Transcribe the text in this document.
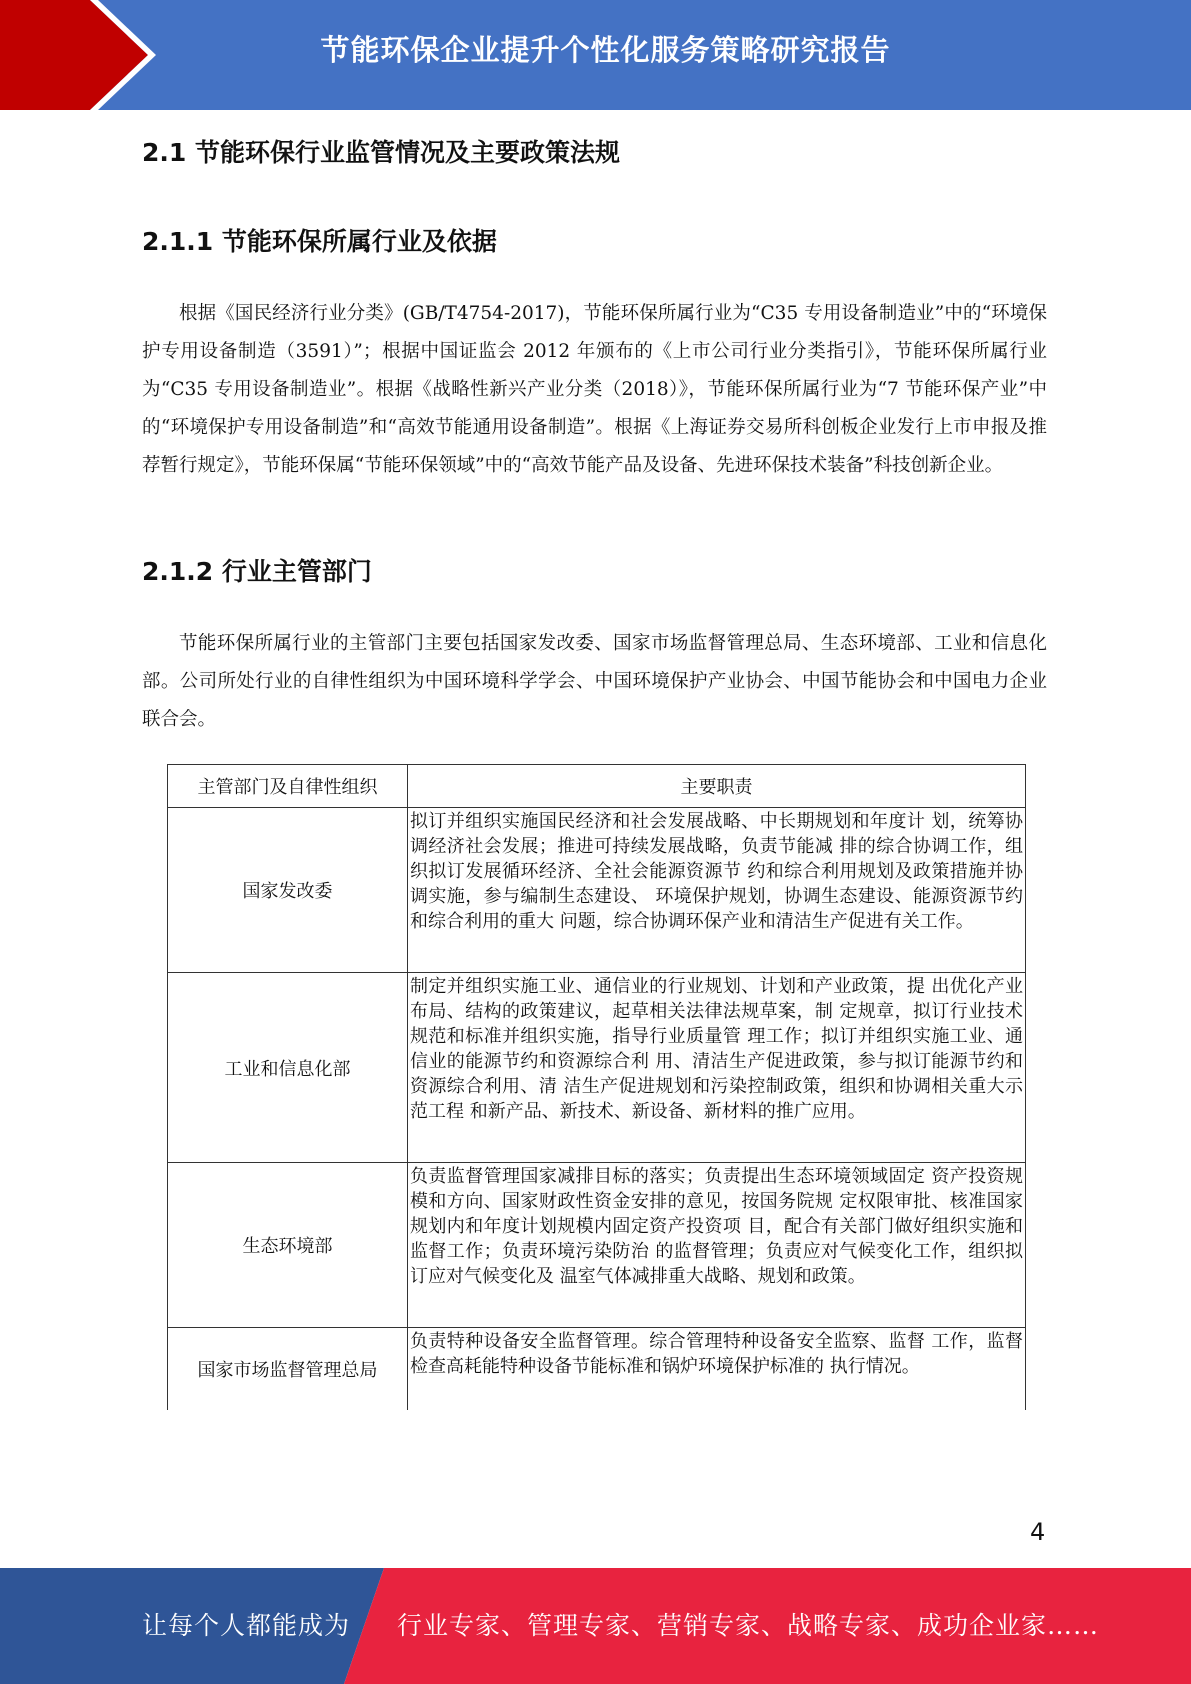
节能环保企业提升个性化服务策略研究报告
2.1 节能环保行业监管情况及主要政策法规
2.1.1 节能环保所属行业及依据

根据《国民经济行业分类》(GB/T4754-2017)，节能环保所属行业为“C35 专用设备制造业”中的“环境保护专用设备制造（3591）”；根据中国证监会 2012 年颁布的《上市公司行业分类指引》，节能环保所属行业为“C35 专用设备制造业”。根据《战略性新兴产业分类（2018）》，节能环保所属行业为“7 节能环保产业”中的“环境保护专用设备制造”和“高效节能通用设备制造”。根据《上海证券交易所科创板企业发行上市申报及推荐暂行规定》，节能环保属“节能环保领域”中的“高效节能产品及设备、先进环保技术装备”科技创新企业。

2.1.2 行业主管部门

节能环保所属行业的主管部门主要包括国家发改委、国家市场监督管理总局、生态环境部、工业和信息化部。公司所处行业的自律性组织为中国环境科学学会、中国环境保护产业协会、中国节能协会和中国电力企业联合会。

主管部门及自律性组织	主要职责
国家发改委	拟订并组织实施国民经济和社会发展战略、中长期规划和年度计 划，统筹协调经济社会发展；推进可持续发展战略，负责节能减 排的综合协调工作，组织拟订发展循环经济、全社会能源资源节 约和综合利用规划及政策措施并协调实施，参与编制生态建设、 环境保护规划，协调生态建设、能源资源节约和综合利用的重大 问题，综合协调环保产业和清洁生产促进有关工作。
工业和信息化部	制定并组织实施工业、通信业的行业规划、计划和产业政策，提 出优化产业布局、结构的政策建议，起草相关法律法规草案，制 定规章，拟订行业技术规范和标准并组织实施，指导行业质量管 理工作；拟订并组织实施工业、通信业的能源节约和资源综合利 用、清洁生产促进政策，参与拟订能源节约和资源综合利用、清 洁生产促进规划和污染控制政策，组织和协调相关重大示范工程 和新产品、新技术、新设备、新材料的推广应用。
生态环境部	负责监督管理国家减排目标的落实；负责提出生态环境领域固定 资产投资规模和方向、国家财政性资金安排的意见，按国务院规 定权限审批、核准国家规划内和年度计划规模内固定资产投资项 目，配合有关部门做好组织实施和监督工作；负责环境污染防治 的监督管理；负责应对气候变化工作，组织拟订应对气候变化及 温室气体减排重大战略、规划和政策。
国家市场监督管理总局	负责特种设备安全监督管理。综合管理特种设备安全监察、监督 工作，监督检查高耗能特种设备节能标准和锅炉环境保护标准的 执行情况。
4
让每个人都能成为 行业专家、管理专家、营销专家、战略专家、成功企业家……
